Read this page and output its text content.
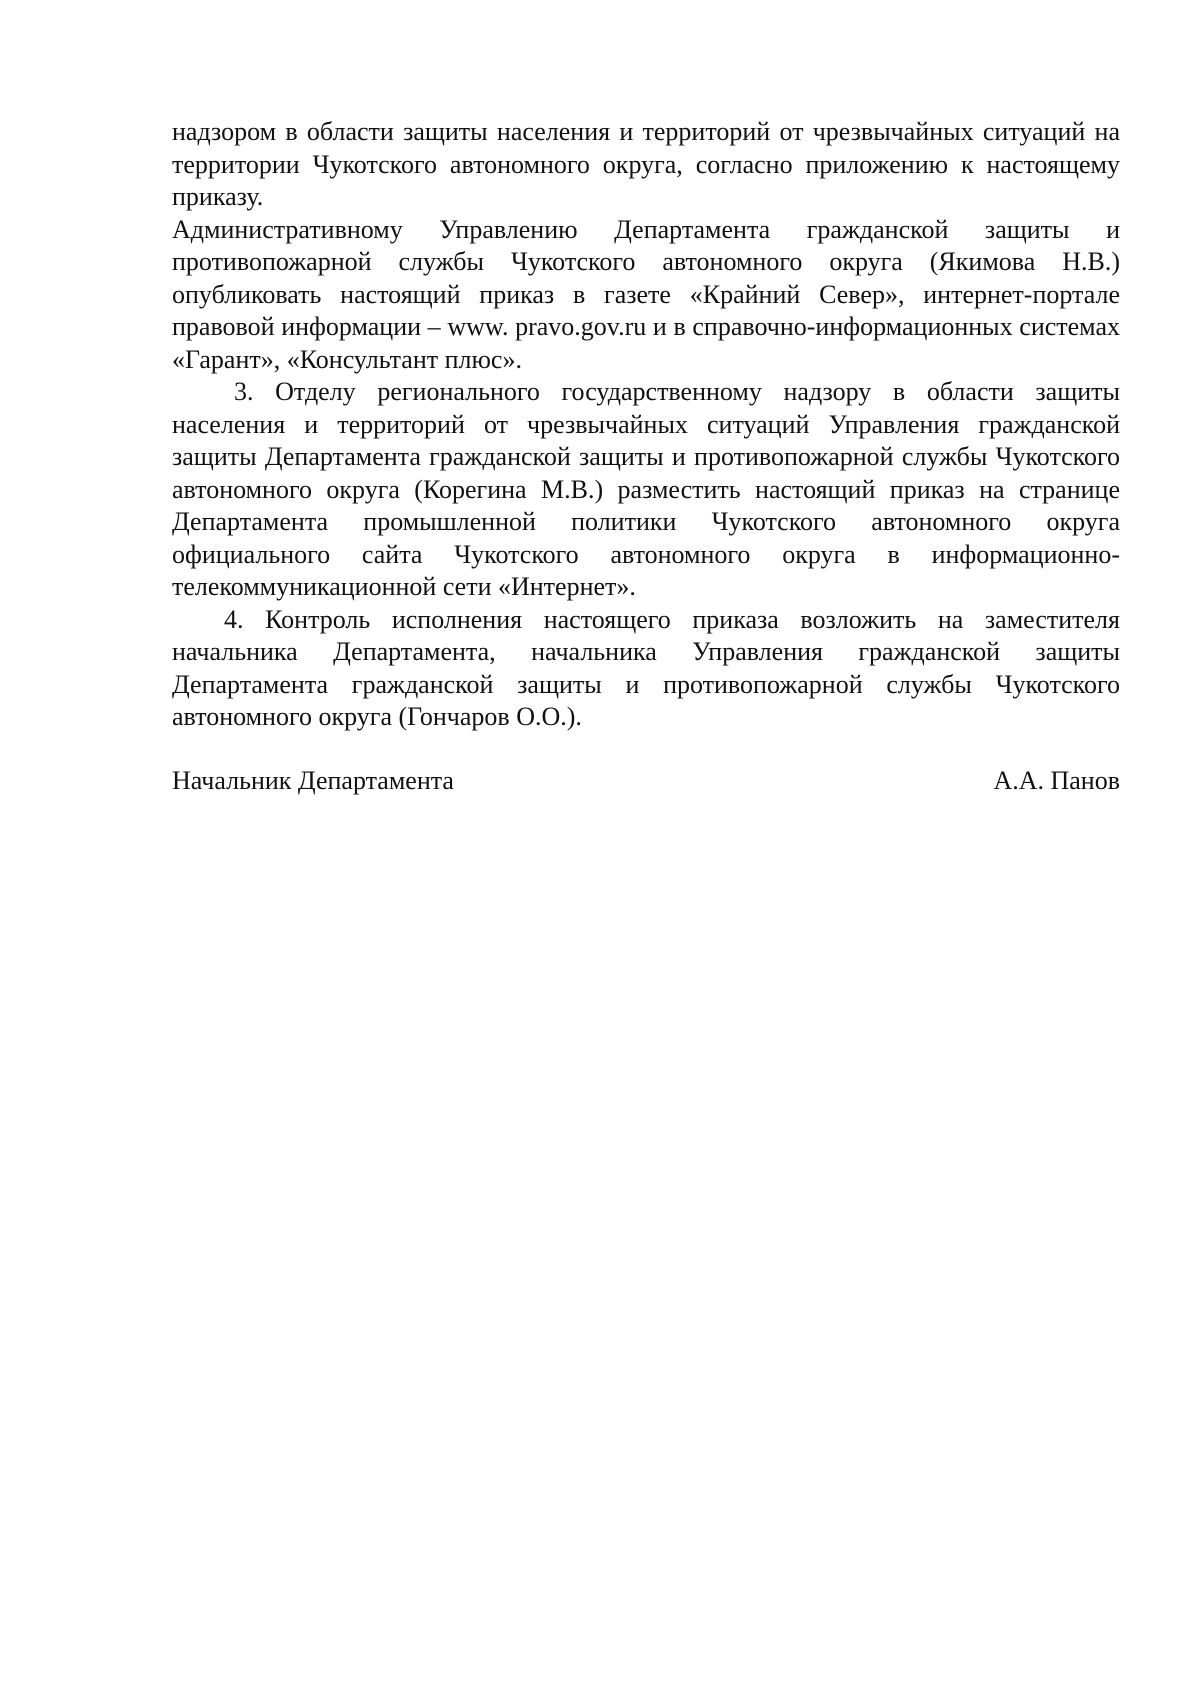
надзором в области защиты населения и территорий от чрезвычайных ситуаций на территории Чукотского автономного округа, согласно приложению к настоящему приказу.

Административному Управлению Департамента гражданской защиты и противопожарной службы Чукотского автономного округа (Якимова Н.В.) опубликовать настоящий приказ в газете «Крайний Север», интернет-портале правовой информации – www. pravo.gov.ru и в справочно-информационных системах «Гарант», «Консультант плюс».

3. Отделу регионального государственному надзору в области защиты населения и территорий от чрезвычайных ситуаций Управления гражданской защиты Департамента гражданской защиты и противопожарной службы Чукотского автономного округа (Корегина М.В.) разместить настоящий приказ на странице Департамента промышленной политики Чукотского автономного округа официального сайта Чукотского автономного округа в информационно-телекоммуникационной сети «Интернет».

4. Контроль исполнения настоящего приказа возложить на заместителя начальника Департамента, начальника Управления гражданской защиты Департамента гражданской защиты и противопожарной службы Чукотского автономного округа (Гончаров О.О.).

Начальник Департамента	А.А. Панов
